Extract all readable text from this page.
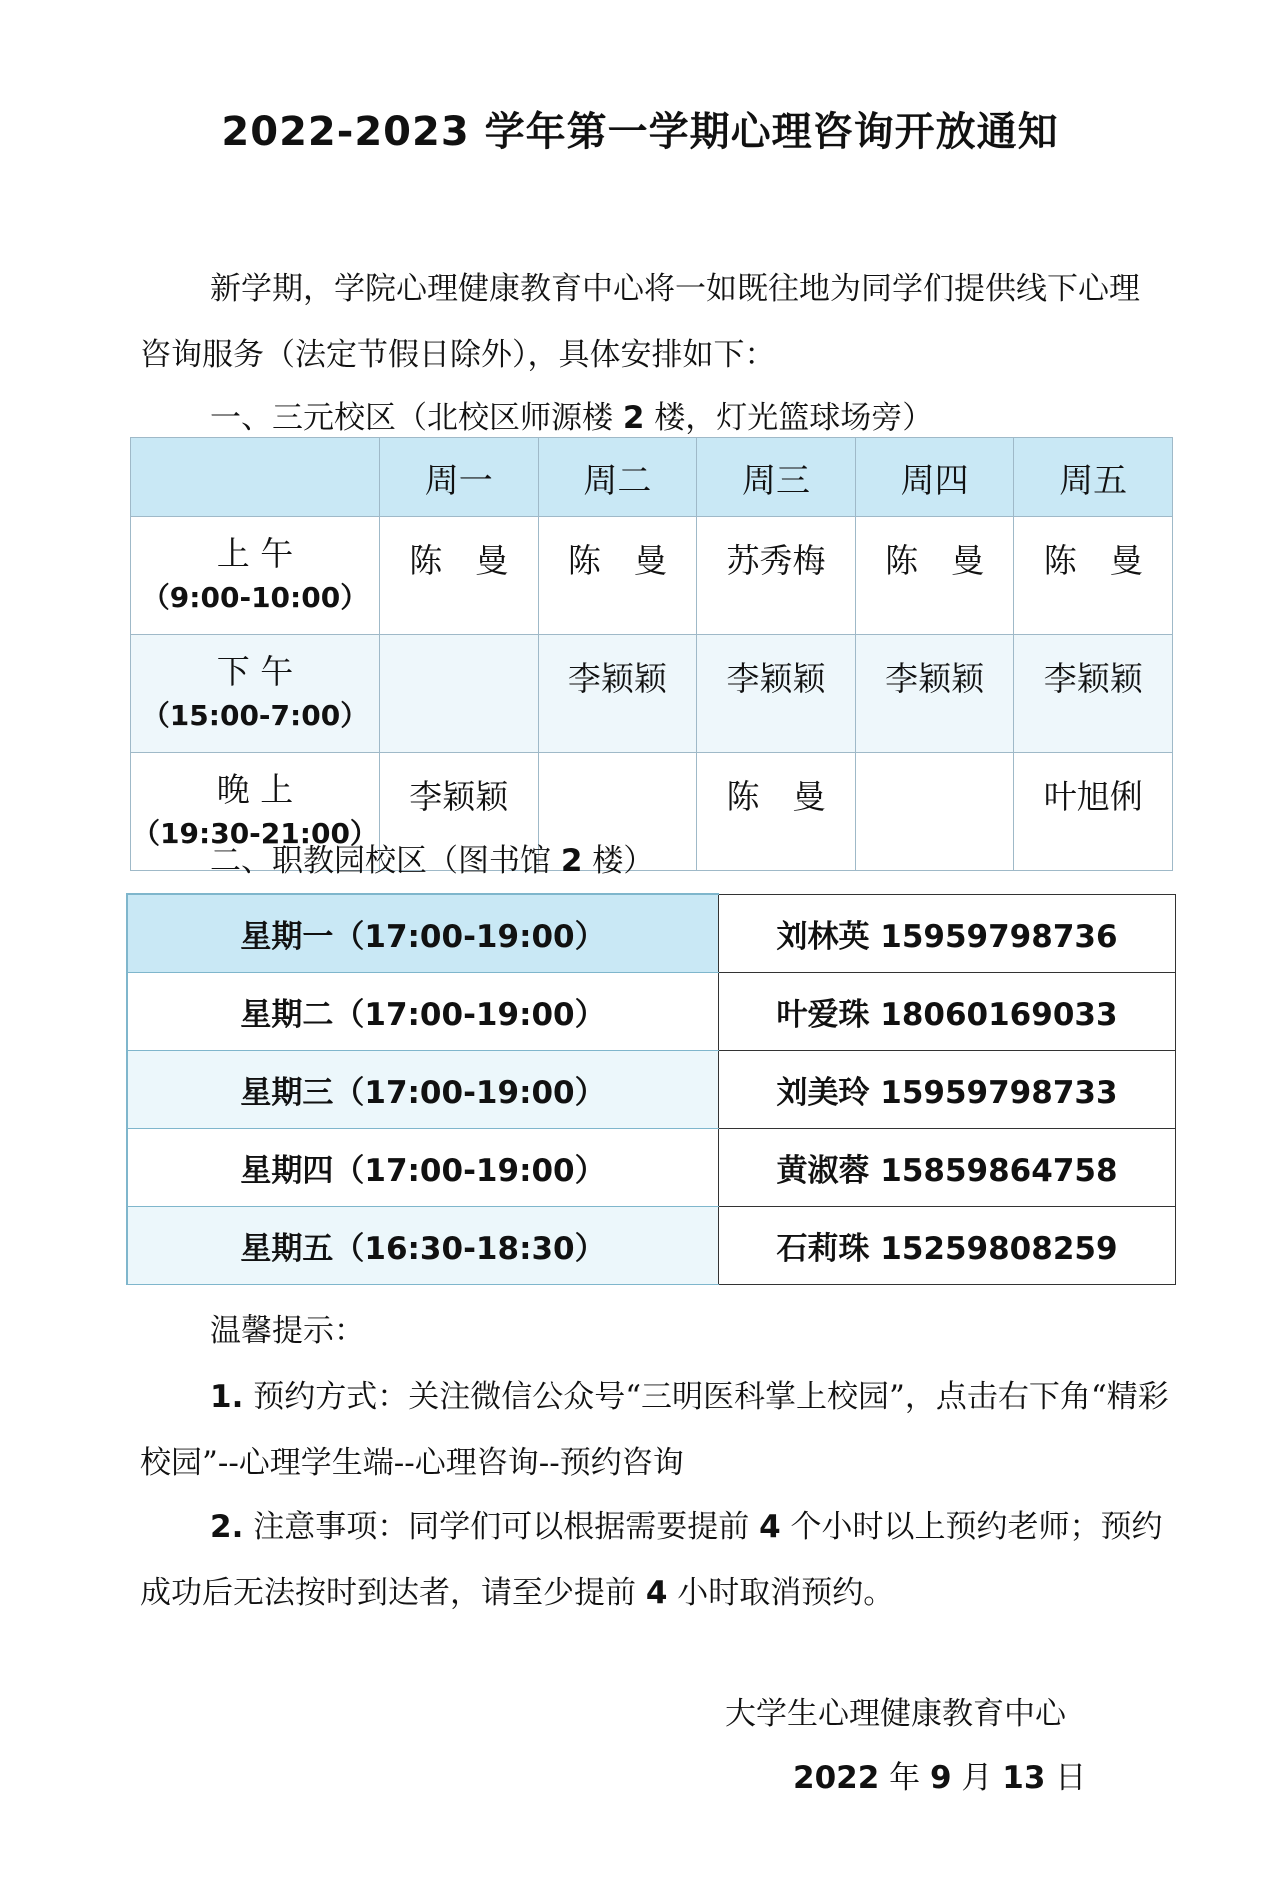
2022-2023 学年第一学期心理咨询开放通知
新学期，学院心理健康教育中心将一如既往地为同学们提供线下心理咨询服务（法定节假日除外），具体安排如下：
一、三元校区（北校区师源楼 2 楼，灯光篮球场旁）
	周一	周二	周三	周四	周五

上 午
（9:00-10:00）	陈　曼	陈　曼	苏秀梅	陈　曼	陈　曼

下 午
（15:00-7:00）		李颖颖	李颖颖	李颖颖	李颖颖

晚 上
（19:30-21:00）	李颖颖		陈　曼		叶旭俐
二、职教园校区（图书馆 2 楼）
星期一（17:00-19:00）	刘林英 15959798736
星期二（17:00-19:00）	叶爱珠 18060169033
星期三（17:00-19:00）	刘美玲 15959798733
星期四（17:00-19:00）	黄淑蓉 15859864758
星期五（16:30-18:30）	石莉珠 15259808259
温馨提示：
1. 预约方式：关注微信公众号“三明医科掌上校园”，点击右下角“精彩校园”--心理学生端--心理咨询--预约咨询
2. 注意事项：同学们可以根据需要提前 4 个小时以上预约老师；预约成功后无法按时到达者，请至少提前 4 小时取消预约。
大学生心理健康教育中心
2022 年 9 月 13 日
